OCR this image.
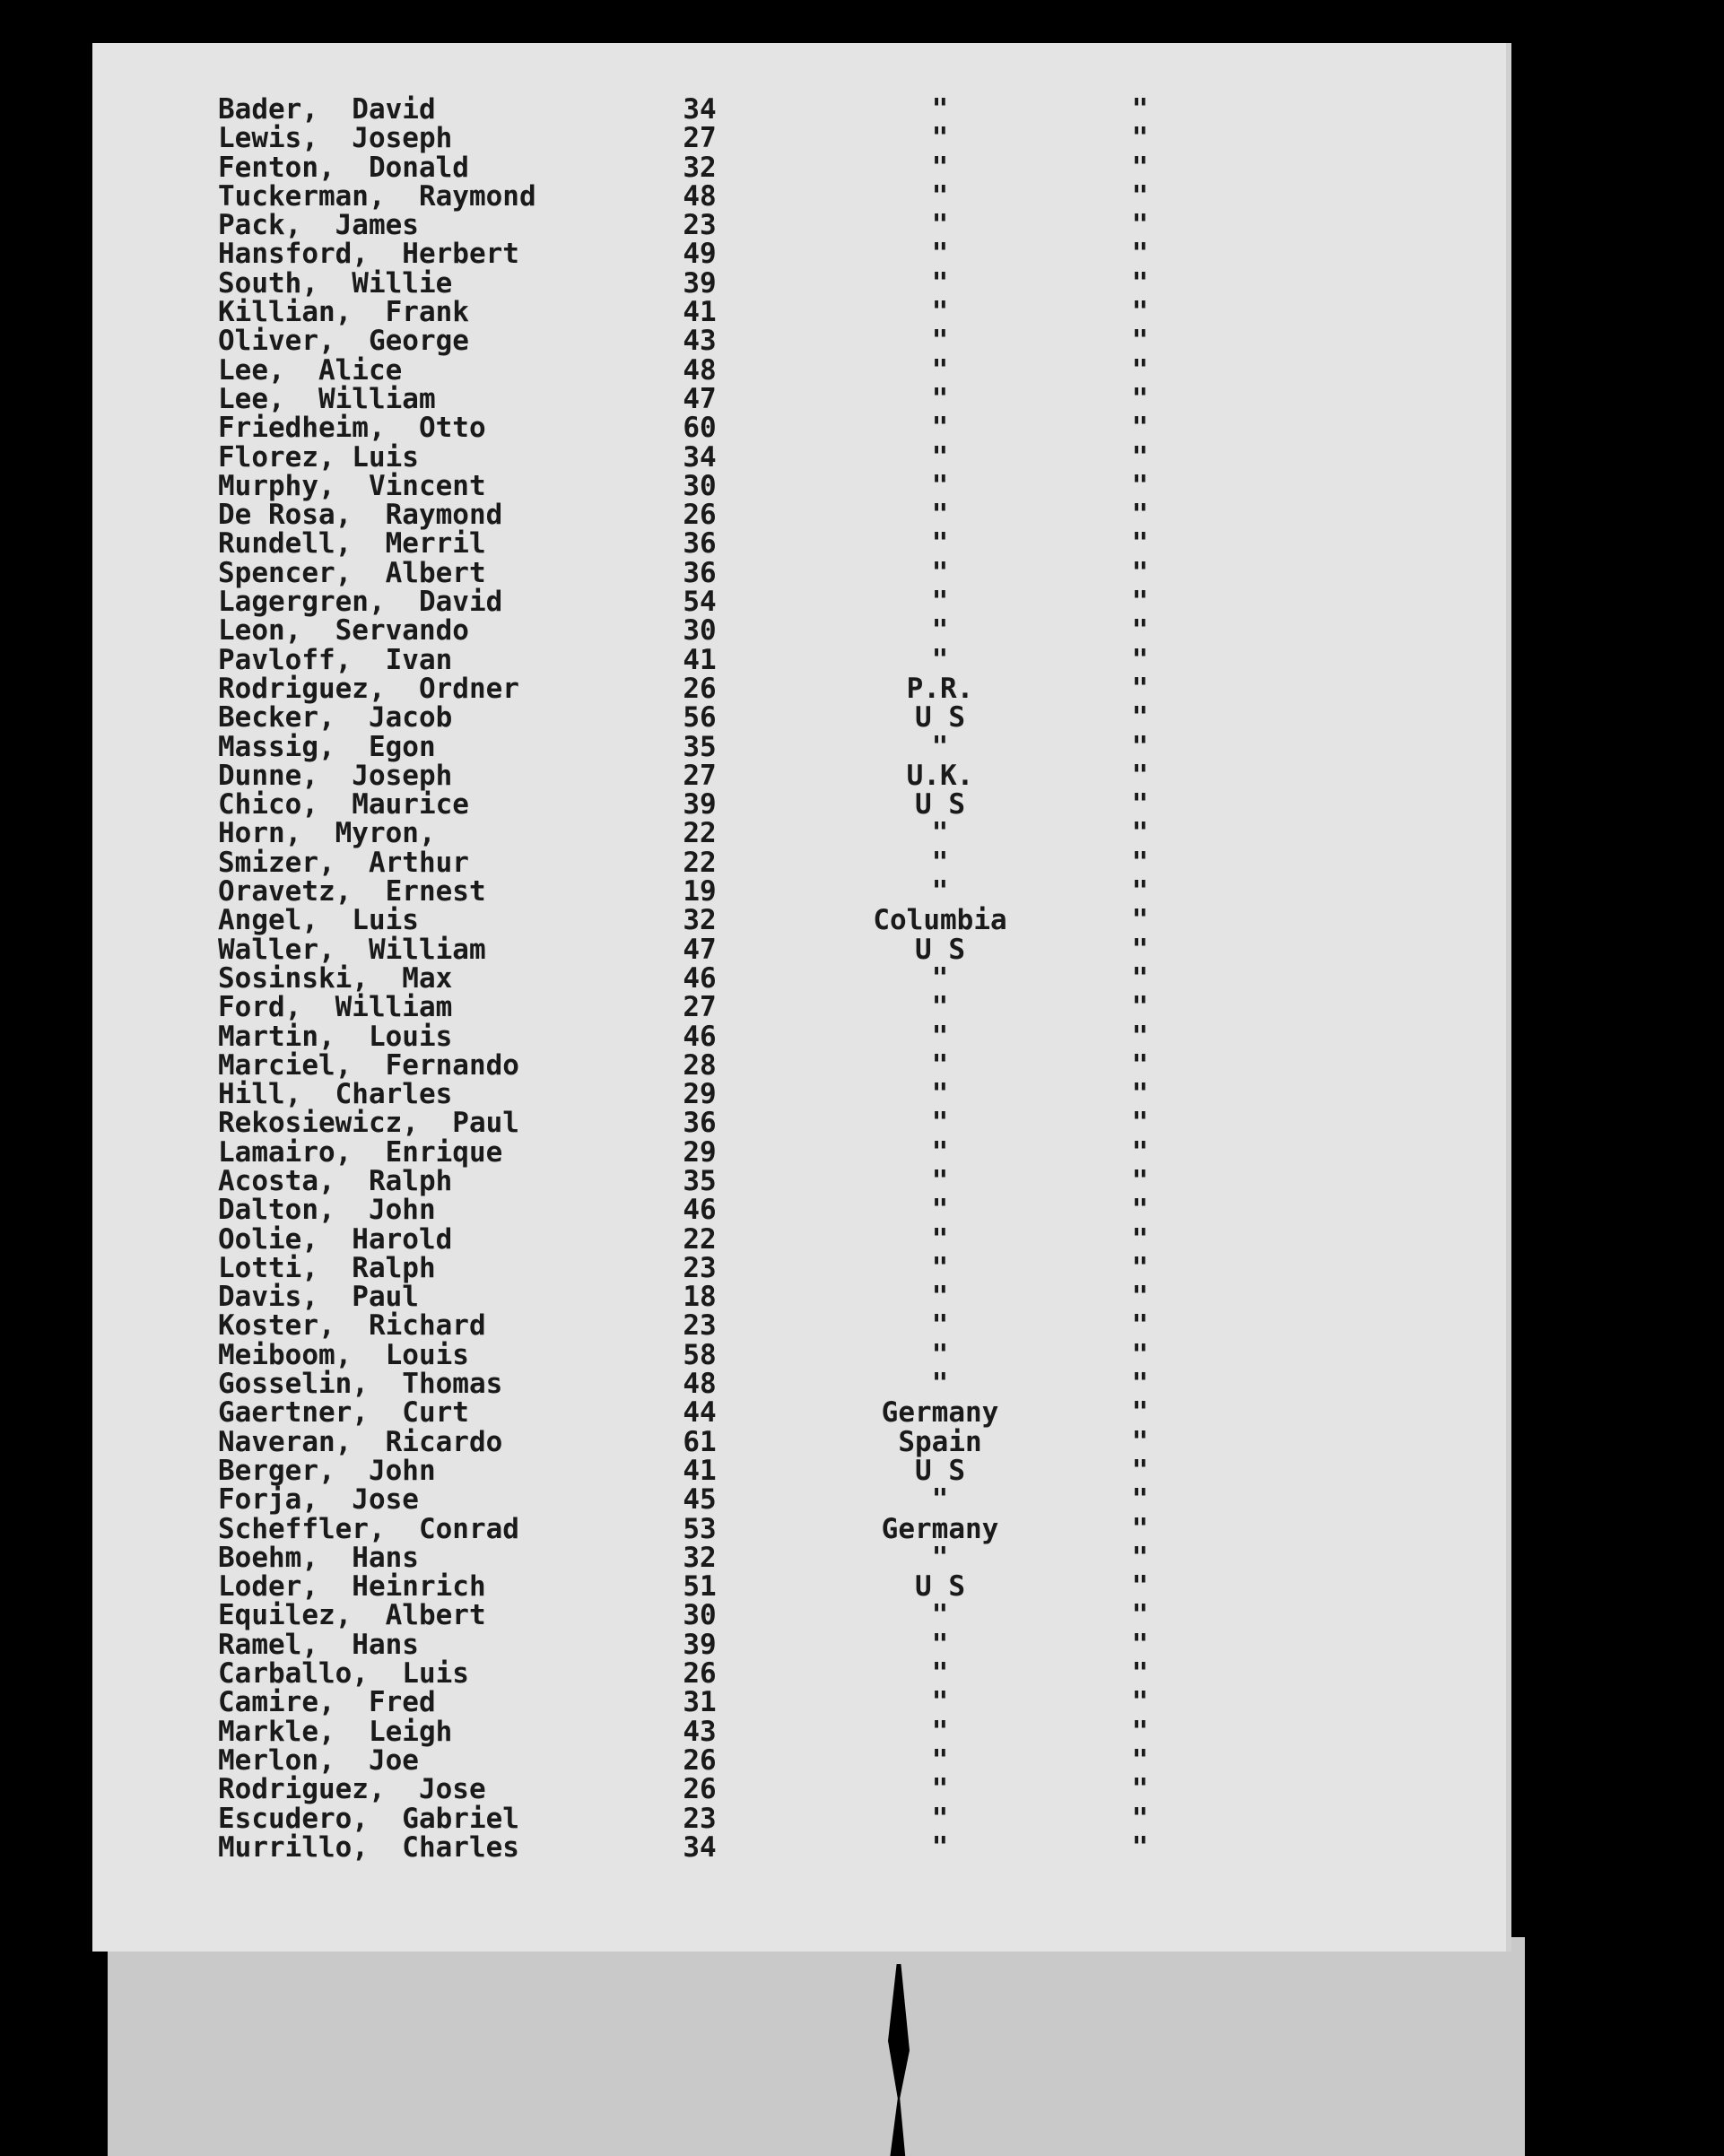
Bader,  David	34	"	"
Lewis,  Joseph	27	"	"
Fenton,  Donald	32	"	"
Tuckerman,  Raymond	48	"	"
Pack,  James	23	"	"
Hansford,  Herbert	49	"	"
South,  Willie	39	"	"
Killian,  Frank	41	"	"
Oliver,  George	43	"	"
Lee,  Alice	48	"	"
Lee,  William	47	"	"
Friedheim,  Otto	60	"	"
Florez, Luis	34	"	"
Murphy,  Vincent	30	"	"
De Rosa,  Raymond	26	"	"
Rundell,  Merril	36	"	"
Spencer,  Albert	36	"	"
Lagergren,  David	54	"	"
Leon,  Servando	30	"	"
Pavloff,  Ivan	41	"	"
Rodriguez,  Ordner	26	P.R.	"
Becker,  Jacob	56	U S	"
Massig,  Egon	35	"	"
Dunne,  Joseph	27	U.K.	"
Chico,  Maurice	39	U S	"
Horn,  Myron,	22	"	"
Smizer,  Arthur	22	"	"
Oravetz,  Ernest	19	"	"
Angel,  Luis	32	Columbia	"
Waller,  William	47	U S	"
Sosinski,  Max	46	"	"
Ford,  William	27	"	"
Martin,  Louis	46	"	"
Marciel,  Fernando	28	"	"
Hill,  Charles	29	"	"
Rekosiewicz,  Paul	36	"	"
Lamairo,  Enrique	29	"	"
Acosta,  Ralph	35	"	"
Dalton,  John	46	"	"
Oolie,  Harold	22	"	"
Lotti,  Ralph	23	"	"
Davis,  Paul	18	"	"
Koster,  Richard	23	"	"
Meiboom,  Louis	58	"	"
Gosselin,  Thomas	48	"	"
Gaertner,  Curt	44	Germany	"
Naveran,  Ricardo	61	Spain	"
Berger,  John	41	U S	"
Forja,  Jose	45	"	"
Scheffler,  Conrad	53	Germany	"
Boehm,  Hans	32	"	"
Loder,  Heinrich	51	U S	"
Equilez,  Albert	30	"	"
Ramel,  Hans	39	"	"
Carballo,  Luis	26	"	"
Camire,  Fred	31	"	"
Markle,  Leigh	43	"	"
Merlon,  Joe	26	"	"
Rodriguez,  Jose	26	"	"
Escudero,  Gabriel	23	"	"
Murrillo,  Charles	34	"	"
